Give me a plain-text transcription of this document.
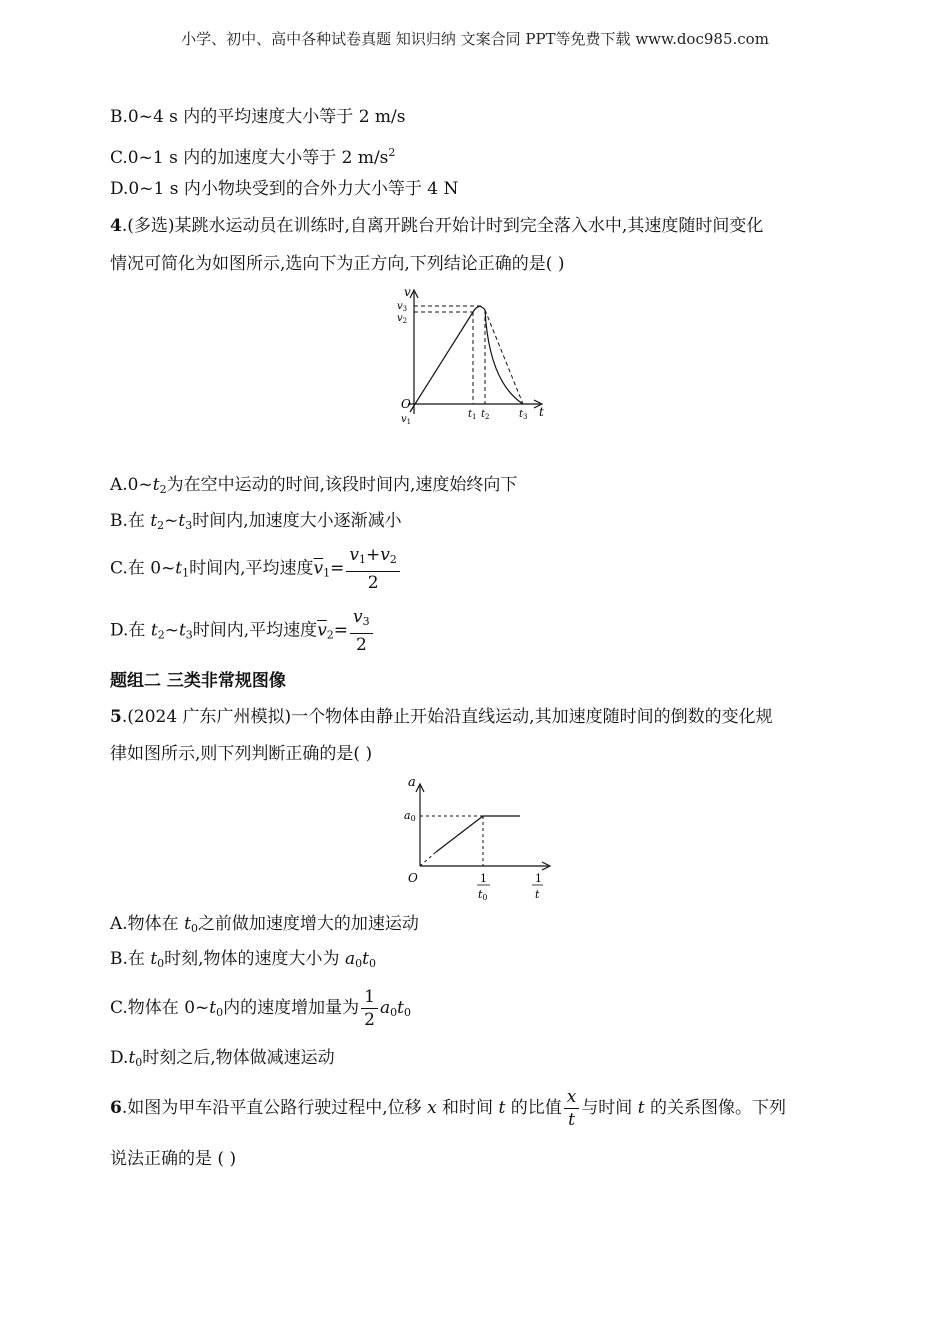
小学、初中、高中各种试卷真题 知识归纳 文案合同 PPT等免费下载 www.doc985.com
B.0~4 s 内的平均速度大小等于 2 m/s
C.0~1 s 内的加速度大小等于 2 $m/s^2$
D.0~1 s 内小物块受到的合外力大小等于 4 N
4.(多选)某跳水运动员在训练时,自离开跳台开始计时到完全落入水中,其速度随时间变化
情况可简化为如图所示,选向下为正方向,下列结论正确的是( )
v
$v_3$
$v_2$
O
$v_1$
$t_1$ $t_2$	$t_3$ t
$A.0\sim t_2$为在空中运动的时间,该段时间内,速度始终向下
B.在 $t_2\sim t_3$时间内,加速度大小逐渐减小
C.在 $0\sim t_1$时间内,平均速度$\overline{v}_1= \frac{v_1+v_2}{2}$
D.在 $t_2\sim t_3$时间内,平均速度$\overline{v}_2= \frac{v_3}{2}$
题组二 三类非常规图像
5.(2024 广东广州模拟)一个物体由静止开始沿直线运动,其加速度随时间的倒数的变化规
律如图所示,则下列判断正确的是( )
a
a0
O	1
t0
1
t
A.物体在 $t_0$之前做加速度增大的加速运动
B.在 $t_0$时刻,物体的速度大小为 $a_0t_0$
C.物体在 $0\sim t_0$内的速度增加量为 $\frac{1}{2} a_0t_0$
$D.t_0$时刻之后,物体做减速运动
6.如图为甲车沿平直公路行驶过程中,位移 x 和时间 t 的比值 $\frac{x}{t}$ 与时间 t 的关系图像。下列
说法正确的是 ( )
